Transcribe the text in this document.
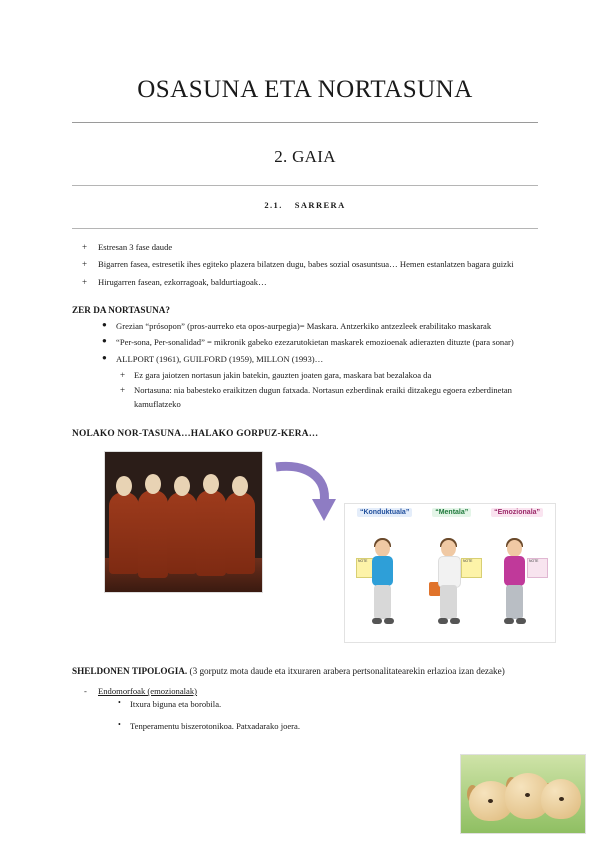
OSASUNA ETA NORTASUNA
2. GAIA

2.1. SARRERA

+ Estresan 3 fase daude
+ Bigarren fasea, estresetik ihes egiteko plazera bilatzen dugu, babes sozial osasuntsua… Hemen estanlatzen bagara guizki
+ Hirugarren fasean, ezkorragoak, baldurtiagoak…

ZER DA NORTASUNA?

● Grezian “prósopon” (pros-aurreko eta opos-aurpegia)= Maskara. Antzerkiko antzezleek erabilitako maskarak
● “Per-sona, Per-sonalidad” = mikronik gabeko ezezarutokietan maskarek emozioenak adierazten dituzte (para sonar)
● ALLPORT (1961), GUILFORD (1959), MILLON (1993)…
+ Ez gara jaiotzen nortasun jakin batekin, gauzten joaten gara, maskara bat bezalakoa da
+ Nortasuna: nia babesteko eraikitzen dugun fatxada. Nortasun ezberdinak eraiki ditzakegu egoera ezberdinetan kamuflatzeko

NOLAKO NOR-TASUNA…HALAKO GORPUZ-KERA…

“Konduktuala”	“Mentala”	“Emozionala”
NOTE	NOTE	NOTE

SHELDONEN TIPOLOGIA. (3 gorputz mota daude eta itxuraren arabera pertsonalitatearekin erlazioa izan dezake)

- Endomorfoak (emozionalak)

• Itxura biguna eta borobila.

• Tenperamentu biszerotonikoa. Patxadarako joera.
